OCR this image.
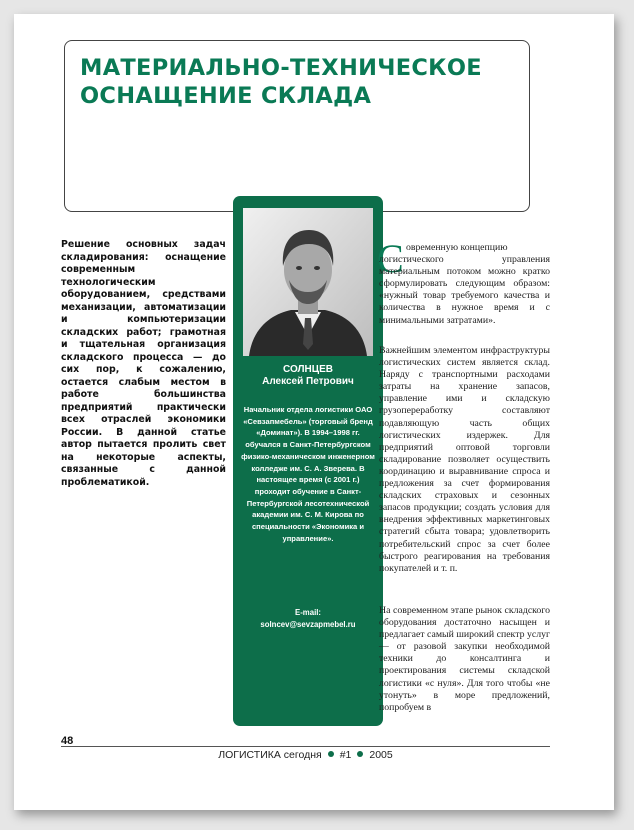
МАТЕРИАЛЬНО-ТЕХНИЧЕСКОЕ
ОСНАЩЕНИЕ СКЛАДА

Решение основных задач складирования: оснащение современным технологическим оборудованием, средствами механизации, автоматизации и компьютеризации складских работ; грамотная и тщательная организация складского процесса — до сих пор, к сожалению, остается слабым местом в работе большинства предприятий практически всех отраслей экономики России. В данной статье автор пытается пролить свет на некоторые аспекты, связанные с данной проблематикой.

СОЛНЦЕВ
Алексей Петрович

Начальник отдела логистики ОАО «Севзапмебель» (торговый бренд «Доминат»). В 1994–1998 гг. обучался в Санкт-Петербургском физико-механическом инженерном колледже им. С. А. Зверева. В настоящее время (с 2001 г.) проходит обучение в Санкт-Петербургской лесотехнической академии им. С. М. Кирова по специальности «Экономика и управление».

E-mail:

solncev@sevzapmebel.ru

С овременную концепцию
логистического управления материальным потоком можно кратко сформулировать следующим образом: «нужный товар требуемого качества и количества в нужное время и с минимальными затратами».

Важнейшим элементом инфраструктуры логистических систем является склад. Наряду с транспортными расходами затраты на хранение запасов, управление ими и складскую грузопереработку составляют подавляющую часть общих логистических издержек. Для предприятий оптовой торговли складирование позволяет осуществить координацию и выравнивание спроса и предложения за счет формирования складских страховых и сезонных запасов продукции; создать условия для внедрения эффективных маркетинговых стратегий сбыта товара; удовлетворить потребительский спрос за счет более быстрого реагирования на требования покупателей и т. п.

На современном этапе рынок складского оборудования достаточно насыщен и предлагает самый широкий спектр услуг — от разовой закупки необходимой техники до консалтинга и проектирования системы складской логистики «с нуля». Для того чтобы «не утонуть» в море предложений, попробуем в

48

ЛОГИСТИКА сегодня #1 2005
